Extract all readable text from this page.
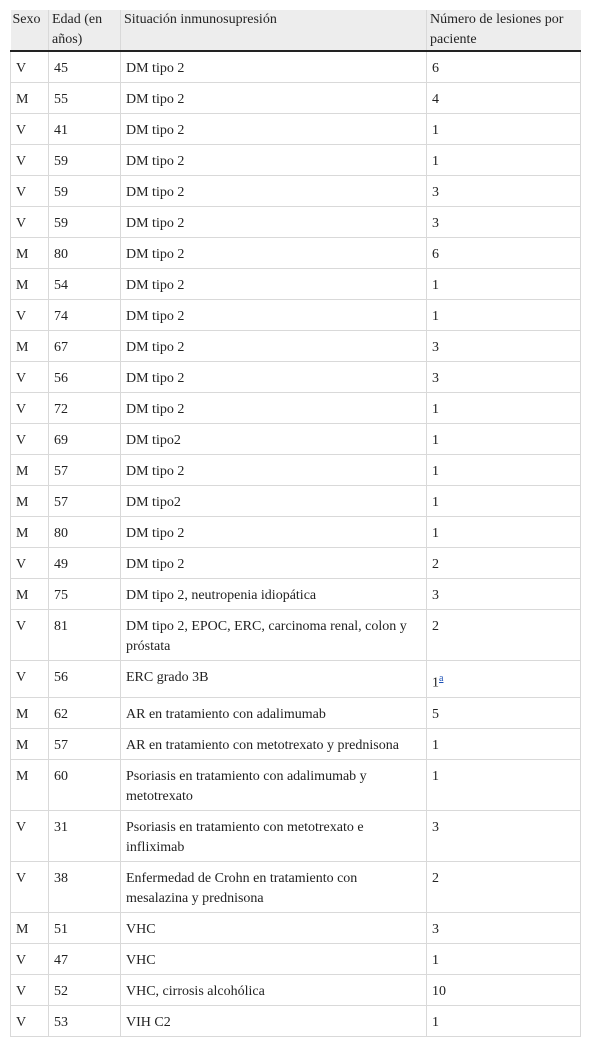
Sexo	Edad (en años)	Situación inmunosupresión	Número de lesiones por paciente
V	45	DM tipo 2	6
M	55	DM tipo 2	4
V	41	DM tipo 2	1
V	59	DM tipo 2	1
V	59	DM tipo 2	3
V	59	DM tipo 2	3
M	80	DM tipo 2	6
M	54	DM tipo 2	1
V	74	DM tipo 2	1
M	67	DM tipo 2	3
V	56	DM tipo 2	3
V	72	DM tipo 2	1
V	69	DM tipo2	1
M	57	DM tipo 2	1
M	57	DM tipo2	1
M	80	DM tipo 2	1
V	49	DM tipo 2	2
M	75	DM tipo 2, neutropenia idiopática	3
V	81	DM tipo 2, EPOC, ERC, carcinoma renal, colon y próstata	2
V	56	ERC grado 3B	1$^a$
M	62	AR en tratamiento con adalimumab	5
M	57	AR en tratamiento con metotrexato y prednisona	1
M	60	Psoriasis en tratamiento con adalimumab y metotrexato	1
V	31	Psoriasis en tratamiento con metotrexato e infliximab	3
V	38	Enfermedad de Crohn en tratamiento con mesalazina y prednisona	2
M	51	VHC	3
V	47	VHC	1
V	52	VHC, cirrosis alcohólica	10
V	53	VIH C2	1
